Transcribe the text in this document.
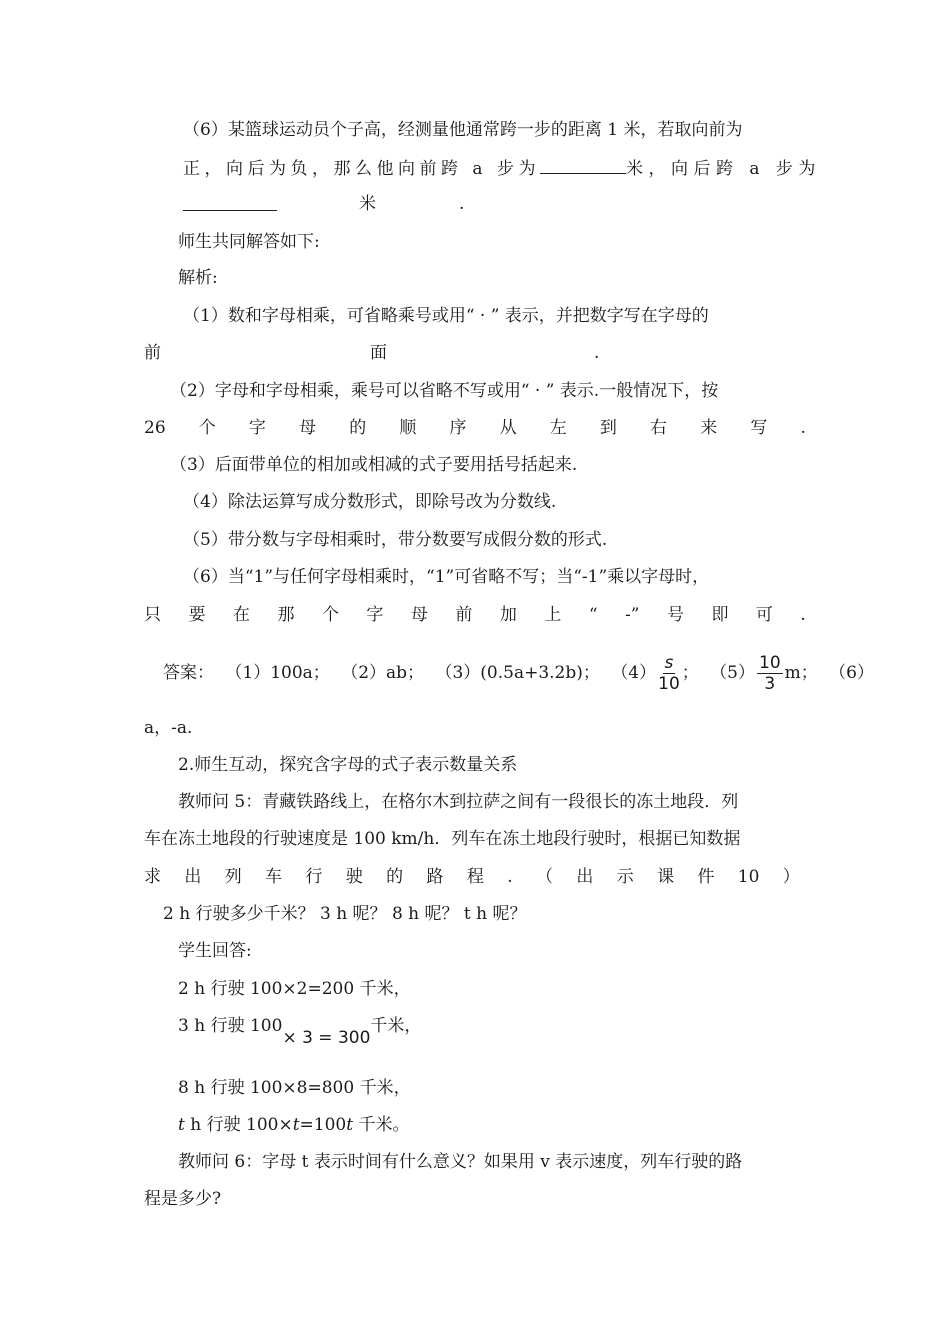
（6）某篮球运动员个子高，经测量他通常跨一步的距离 1 米，若取向前为
正，向后为负，那么他向前跨 a 步为	米，向后跨 a 步为
米	.
师生共同解答如下:
解析:
（1）数和字母相乘，可省略乘号或用“ · ” 表示，并把数字写在字母的
前	面	.
（2）字母和字母相乘，乘号可以省略不写或用“ · ” 表示.一般情况下，按
26 个 字 母 的 顺 序 从 左 到 右 来 写 .
（3）后面带单位的相加或相减的式子要用括号括起来.
（4）除法运算写成分数形式，即除号改为分数线.
（5）带分数与字母相乘时，带分数要写成假分数的形式.
（6）当“1”与任何字母相乘时，“1”可省略不写；当“-1”乘以字母时，
只 要 在 那 个 字 母 前 加 上 “ -” 号 即 可 .
答案： （1）100a； （2）ab； （3）(0.5a+3.2b)； $(4) \frac{s}{10}$ ； $(5) \frac{10}{3}$ m； （6）
a，-a.
2.师生互动，探究含字母的式子表示数量关系
教师问 5：青藏铁路线上，在格尔木到拉萨之间有一段很长的冻土地段．列
车在冻土地段的行驶速度是 100 km/h．列车在冻土地段行驶时，根据已知数据
求 出 列 车 行 驶 的 路 程 . （ 出 示 课 件 10 ）
2 h 行驶多少千米？ 3 h 呢？ 8 h 呢？ t h 呢？
学生回答:
2 h 行驶 100×2=200 千米，
3 h 行驶 100× 3 = 300千米，
8 h 行驶 100×8=800 千米，
t h 行驶 100×t=100t 千米。
教师问 6：字母 t 表示时间有什么意义？如果用 v 表示速度，列车行驶的路
程是多少?
